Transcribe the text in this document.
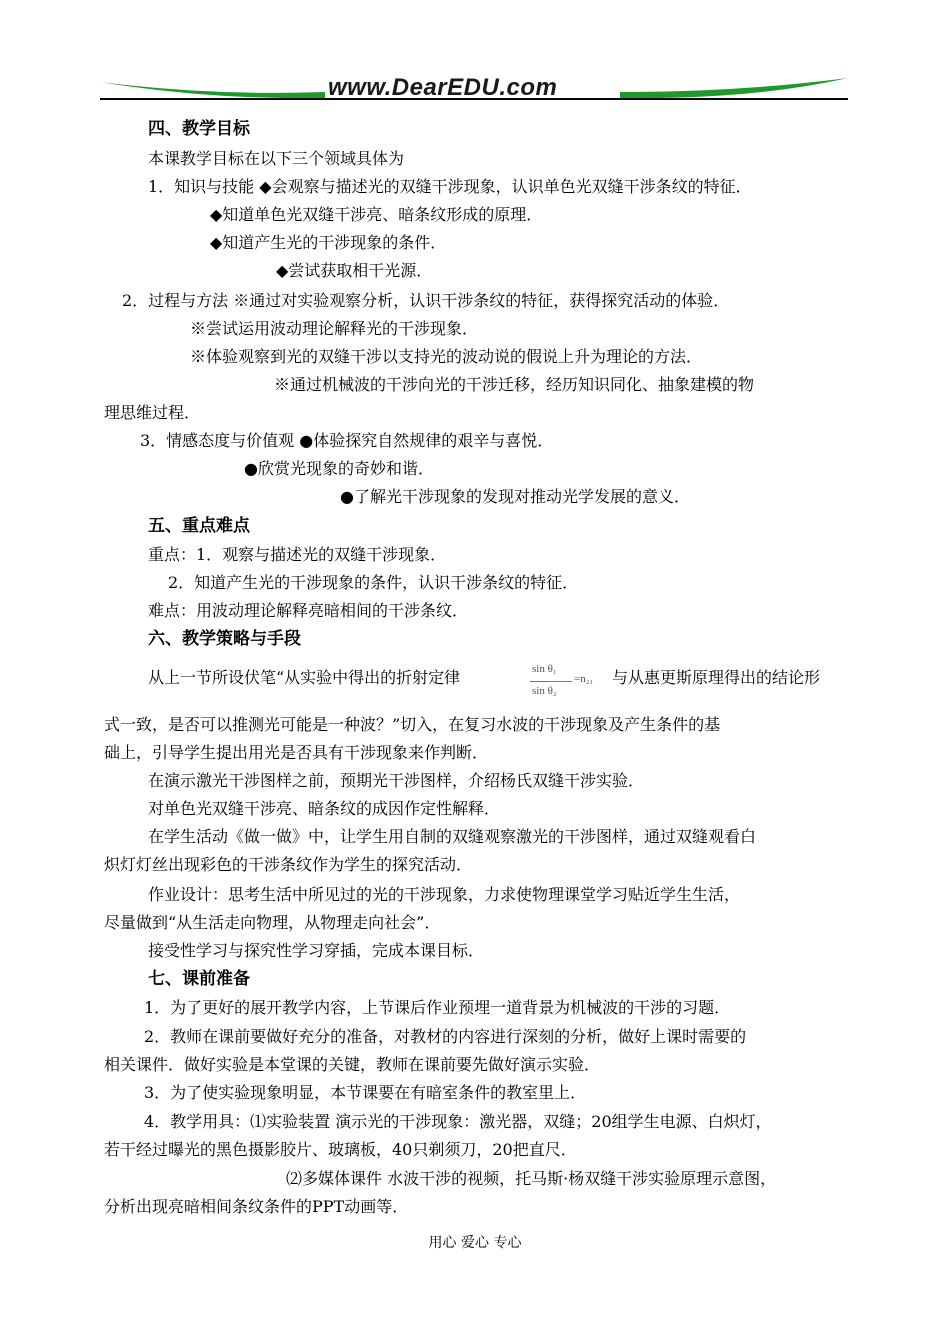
www.DearEDU.com
四、教学目标
本课教学目标在以下三个领域具体为
1．知识与技能 ◆会观察与描述光的双缝干涉现象，认识单色光双缝干涉条纹的特征．
◆知道单色光双缝干涉亮、暗条纹形成的原理．
◆知道产生光的干涉现象的条件．
◆尝试获取相干光源．
2．过程与方法 ※通过对实验观察分析，认识干涉条纹的特征，获得探究活动的体验．
※尝试运用波动理论解释光的干涉现象．
※体验观察到光的双缝干涉以支持光的波动说的假说上升为理论的方法．
※通过机械波的干涉向光的干涉迁移，经历知识同化、抽象建模的物
理思维过程．
3．情感态度与价值观 ●体验探究自然规律的艰辛与喜悦．
●欣赏光现象的奇妙和谐．
●了解光干涉现象的发现对推动光学发展的意义．
五、重点难点
重点：1．观察与描述光的双缝干涉现象．
2．知道产生光的干涉现象的条件，认识干涉条纹的特征．
难点：用波动理论解释亮暗相间的干涉条纹．
六、教学策略与手段
从上一节所设伏笔“从实验中得出的折射定律	sin θ₁
sin θ₂
=n₂₁ 与从惠更斯原理得出的结论形
式一致，是否可以推测光可能是一种波？”切入，在复习水波的干涉现象及产生条件的基
础上，引导学生提出用光是否具有干涉现象来作判断．
在演示激光干涉图样之前，预期光干涉图样，介绍杨氏双缝干涉实验．
对单色光双缝干涉亮、暗条纹的成因作定性解释．
在学生活动《做一做》中，让学生用自制的双缝观察激光的干涉图样，通过双缝观看白
炽灯灯丝出现彩色的干涉条纹作为学生的探究活动．
作业设计：思考生活中所见过的光的干涉现象，力求使物理课堂学习贴近学生生活，
尽量做到“从生活走向物理，从物理走向社会”．
接受性学习与探究性学习穿插，完成本课目标．
七、课前准备
1．为了更好的展开教学内容，上节课后作业预埋一道背景为机械波的干涉的习题．
2．教师在课前要做好充分的准备，对教材的内容进行深刻的分析，做好上课时需要的
相关课件．做好实验是本堂课的关键，教师在课前要先做好演示实验．
3．为了使实验现象明显，本节课要在有暗室条件的教室里上．
4．教学用具：⑴实验装置 演示光的干涉现象：激光器，双缝；20组学生电源、白炽灯，
若干经过曝光的黑色摄影胶片、玻璃板，40只剃须刀，20把直尺．
⑵多媒体课件 水波干涉的视频，托马斯·杨双缝干涉实验原理示意图，
分析出现亮暗相间条纹条件的PPT动画等．
用心 爱心 专心
